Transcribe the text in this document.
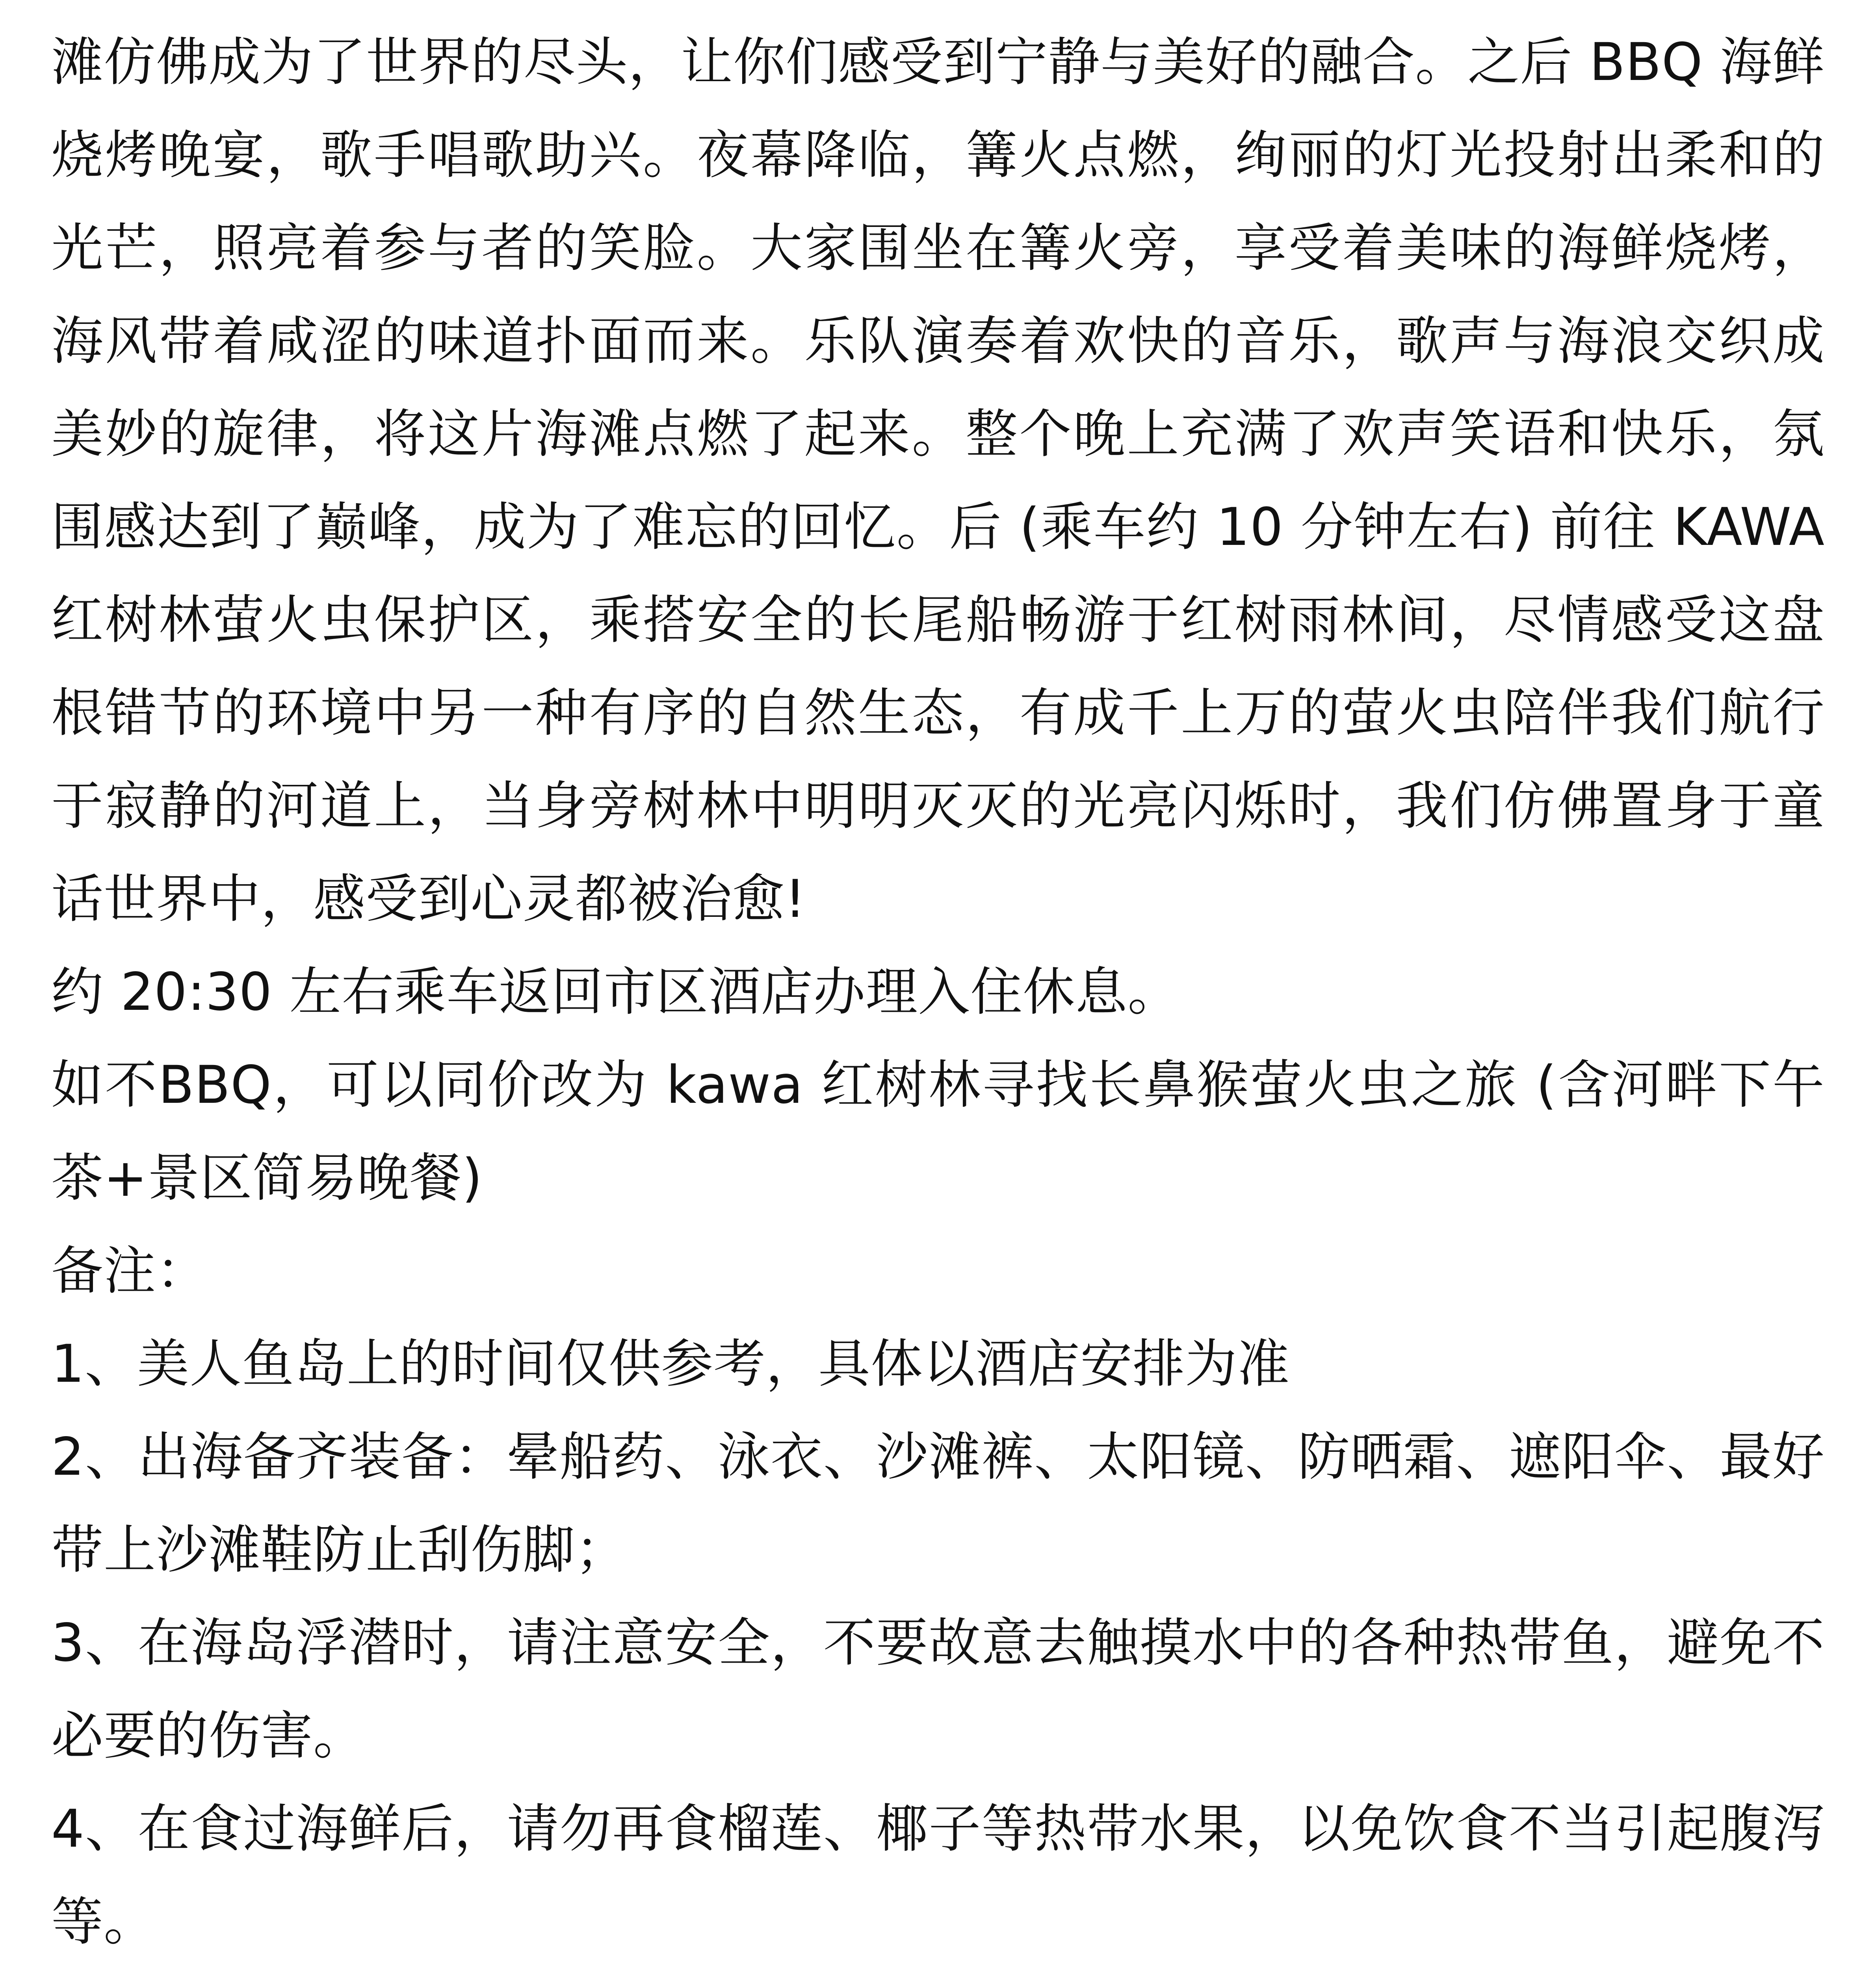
滩仿佛成为了世界的尽头，让你们感受到宁静与美好的融合。之后 BBQ 海鲜烧烤晚宴，歌手唱歌助兴。夜幕降临，篝火点燃，绚丽的灯光投射出柔和的光芒，照亮着参与者的笑脸。大家围坐在篝火旁，享受着美味的海鲜烧烤，海风带着咸涩的味道扑面而来。乐队演奏着欢快的音乐，歌声与海浪交织成美妙的旋律，将这片海滩点燃了起来。整个晚上充满了欢声笑语和快乐，氛围感达到了巅峰，成为了难忘的回忆。后 (乘车约 10 分钟左右) 前往 KAWA 红树林萤火虫保护区，乘搭安全的长尾船畅游于红树雨林间，尽情感受这盘根错节的环境中另一种有序的自然生态，有成千上万的萤火虫陪伴我们航行于寂静的河道上，当身旁树林中明明灭灭的光亮闪烁时，我们仿佛置身于童话世界中，感受到心灵都被治愈!

约 20:30 左右乘车返回市区酒店办理入住休息。

如不BBQ，可以同价改为 kawa 红树林寻找长鼻猴萤火虫之旅 (含河畔下午茶+景区简易晚餐)

备注：

1、美人鱼岛上的时间仅供参考，具体以酒店安排为准

2、出海备齐装备：晕船药、泳衣、沙滩裤、太阳镜、防晒霜、遮阳伞、最好带上沙滩鞋防止刮伤脚；

3、在海岛浮潜时，请注意安全，不要故意去触摸水中的各种热带鱼，避免不必要的伤害。

4、在食过海鲜后，请勿再食榴莲、椰子等热带水果，以免饮食不当引起腹泻等。
